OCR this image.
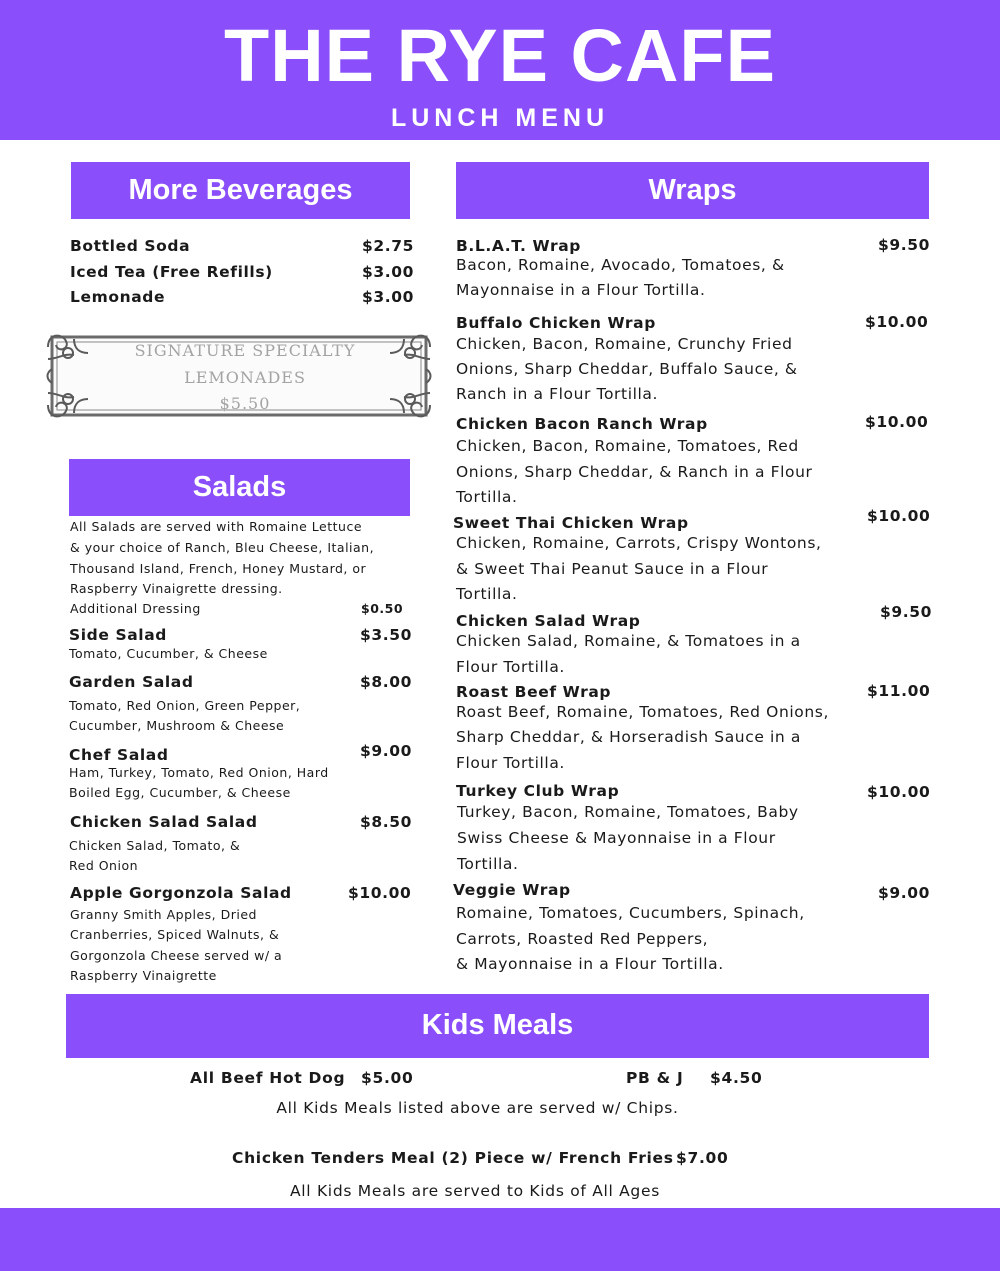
THE RYE CAFE
LUNCH MENU
More Beverages
Bottled Soda	$2.75
Iced Tea (Free Refills)	$3.00
Lemonade	$3.00
SIGNATURE SPECIALTY
LEMONADES
$5.50
Salads
All Salads are served with Romaine Lettuce
& your choice of Ranch, Bleu Cheese, Italian,
Thousand Island, French, Honey Mustard, or
Raspberry Vinaigrette dressing.
Additional Dressing	$0.50
Side Salad	$3.50
Tomato, Cucumber, & Cheese
Garden Salad	$8.00
Tomato, Red Onion, Green Pepper,
Cucumber, Mushroom & Cheese
Chef Salad	$9.00
Ham, Turkey, Tomato, Red Onion, Hard
Boiled Egg, Cucumber, & Cheese
Chicken Salad Salad	$8.50
Chicken Salad, Tomato, &
Red Onion
Apple Gorgonzola Salad	$10.00
Granny Smith Apples, Dried
Cranberries, Spiced Walnuts, &
Gorgonzola Cheese served w/ a
Raspberry Vinaigrette
Wraps
B.L.A.T. Wrap	$9.50
Bacon, Romaine, Avocado, Tomatoes, &
Mayonnaise in a Flour Tortilla.
Buffalo Chicken Wrap	$10.00
Chicken, Bacon, Romaine, Crunchy Fried
Onions, Sharp Cheddar, Buffalo Sauce, &
Ranch in a Flour Tortilla.
Chicken Bacon Ranch Wrap	$10.00
Chicken, Bacon, Romaine, Tomatoes, Red
Onions, Sharp Cheddar, & Ranch in a Flour
Tortilla.
Sweet Thai Chicken Wrap	$10.00
Chicken, Romaine, Carrots, Crispy Wontons,
& Sweet Thai Peanut Sauce in a Flour
Tortilla.
Chicken Salad Wrap	$9.50
Chicken Salad, Romaine, & Tomatoes in a
Flour Tortilla.
Roast Beef Wrap	$11.00
Roast Beef, Romaine, Tomatoes, Red Onions,
Sharp Cheddar, & Horseradish Sauce in a
Flour Tortilla.
Turkey Club Wrap	$10.00
Turkey, Bacon, Romaine, Tomatoes, Baby
Swiss Cheese & Mayonnaise in a Flour
Tortilla.
Veggie Wrap	$9.00
Romaine, Tomatoes, Cucumbers, Spinach,
Carrots, Roasted Red Peppers,
& Mayonnaise in a Flour Tortilla.
Kids Meals
All Beef Hot Dog $5.00	PB & J $4.50
All Kids Meals listed above are served w/ Chips.
Chicken Tenders Meal (2) Piece w/ French Fries $7.00
All Kids Meals are served to Kids of All Ages
